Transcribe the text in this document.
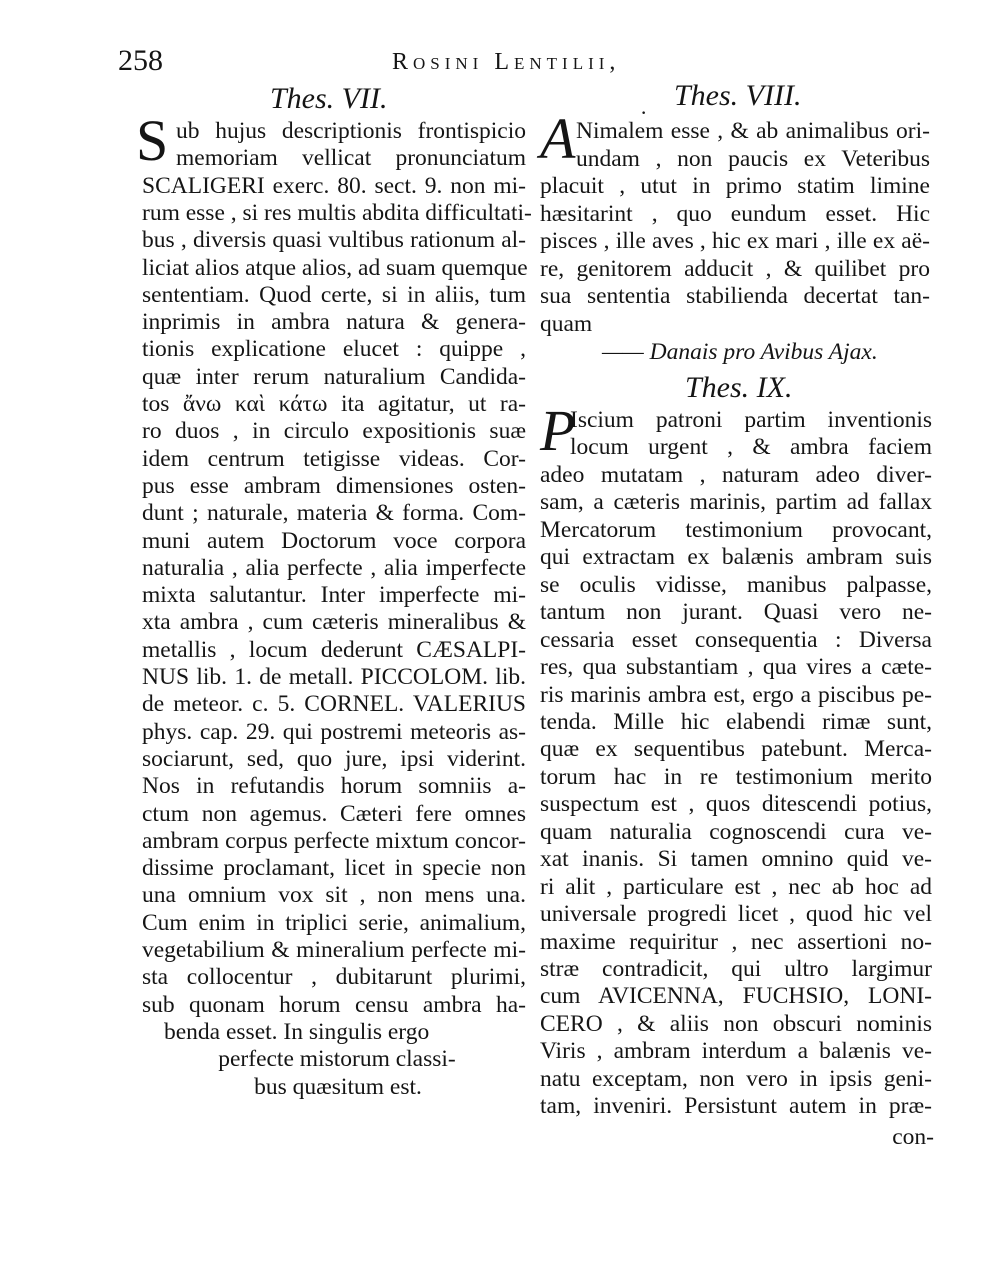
258	Rosini Lentilii,
·
Thes. VII.
S ub hujus descriptionis frontispicio
memoriam vellicat pronunciatum
SCALIGERI exerc. 80. sect. 9. non mi-
rum esse , si res multis abdita difficultati-
bus , diversis quasi vultibus rationum al-
liciat alios atque alios, ad suam quemque
sententiam. Quod certe, si in aliis, tum
inprimis in ambra natura & genera-
tionis explicatione elucet : quippe ,
quæ inter rerum naturalium Candida-
tos ἄνω καὶ κάτω ita agitatur, ut ra-
ro duos , in circulo expositionis suæ
idem centrum tetigisse videas. Cor-
pus esse ambram dimensiones osten-
dunt ; naturale, materia & forma. Com-
muni autem Doctorum voce corpora
naturalia , alia perfecte , alia imperfecte
mixta salutantur. Inter imperfecte mi-
xta ambra , cum cæteris mineralibus &
metallis , locum dederunt CÆSALPI-
NUS lib. 1. de metall. PICCOLOM. lib.
de meteor. c. 5. CORNEL. VALERIUS
phys. cap. 29. qui postremi meteoris as-
sociarunt, sed, quo jure, ipsi viderint.
Nos in refutandis horum somniis a-
ctum non agemus. Cæteri fere omnes
ambram corpus perfecte mixtum concor-
dissime proclamant, licet in specie non
una omnium vox sit , non mens una.
Cum enim in triplici serie, animalium,
vegetabilium & mineralium perfecte mi-
sta collocentur , dubitarunt plurimi,
sub quonam horum censu ambra ha-
benda esset. In singulis ergo
perfecte mistorum classi-
bus quæsitum est.
Thes. VIII.
A Nimalem esse , & ab animalibus ori-
undam , non paucis ex Veteribus
placuit , utut in primo statim limine
hæsitarint , quo eundum esset. Hic
pisces , ille aves , hic ex mari , ille ex aë-
re, genitorem adducit , & quilibet pro
sua sententia stabilienda decertat tan-
quam
—— Danais pro Avibus Ajax.
Thes. IX.
P
Iscium patroni partim inventionis
locum urgent , & ambra faciem
adeo mutatam , naturam adeo diver-
sam, a cæteris marinis, partim ad fallax
Mercatorum testimonium provocant,
qui extractam ex balænis ambram suis
se oculis vidisse, manibus palpasse,
tantum non jurant. Quasi vero ne-
cessaria esset consequentia : Diversa
res, qua substantiam , qua vires a cæte-
ris marinis ambra est, ergo a piscibus pe-
tenda. Mille hic elabendi rimæ sunt,
quæ ex sequentibus patebunt. Merca-
torum hac in re testimonium merito
suspectum est , quos ditescendi potius,
quam naturalia cognoscendi cura ve-
xat inanis. Si tamen omnino quid ve-
ri alit , particulare est , nec ab hoc ad
universale progredi licet , quod hic vel
maxime requiritur , nec assertioni no-
stræ contradicit, qui ultro largimur
cum AVICENNA, FUCHSIO, LONI-
CERO , & aliis non obscuri nominis
Viris , ambram interdum a balænis ve-
natu exceptam, non vero in ipsis geni-
tam, inveniri. Persistunt autem in præ-
con-
